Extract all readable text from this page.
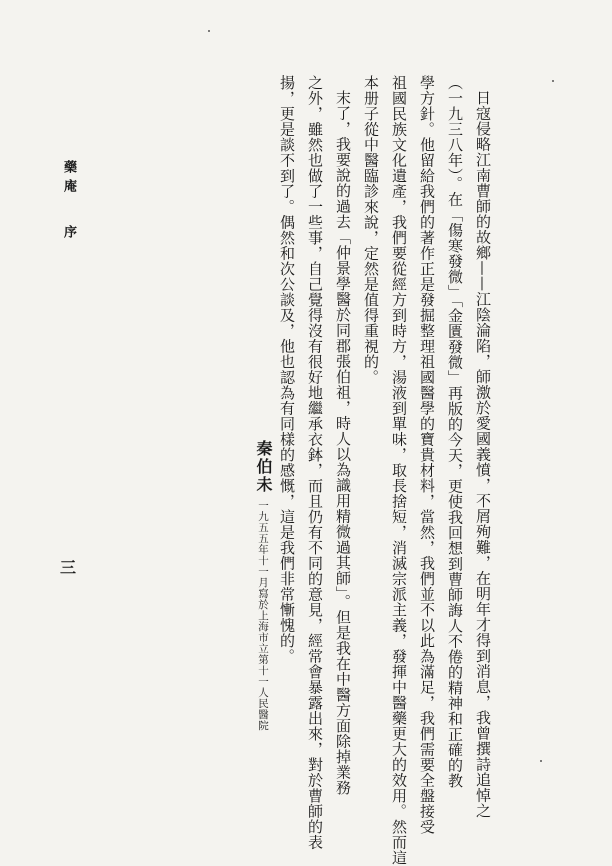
藥庵
序
三	日寇侵略江南曹師的故鄉——江陰淪陷，師激於愛國義憤，不屑殉難，在明年才得到消息，我曾撰詩追悼之
（一九三八年）。在「傷寒發微」「金匱發微」再版的今天，更使我回想到曹師誨人不倦的精神和正確的教
學方針。他留給我們的著作正是發掘整理祖國醫學的寶貴材料，當然，我們並不以此為滿足，我們需要全盤接受
祖國民族文化遺產，我們要從經方到時方，湯液到單味，取長捨短，消滅宗派主義，發揮中醫藥更大的效用。然而這
本册子從中醫臨診來說，定然是值得重視的。
末了，我要說的過去「仲景學醫於同郡張伯祖，時人以為識用精微過其師」。但是我在中醫方面除掉業務
之外，雖然也做了一些事，自己覺得沒有很好地繼承衣鉢，而且仍有不同的意見，經常會暴露出來，對於曹師的表
揚，更是談不到了。偶然和次公談及，他也認為有同樣的感慨，這是我們非常慚愧的。
秦伯未一九五五年十一月寫於上海市立第十一人民醫院
